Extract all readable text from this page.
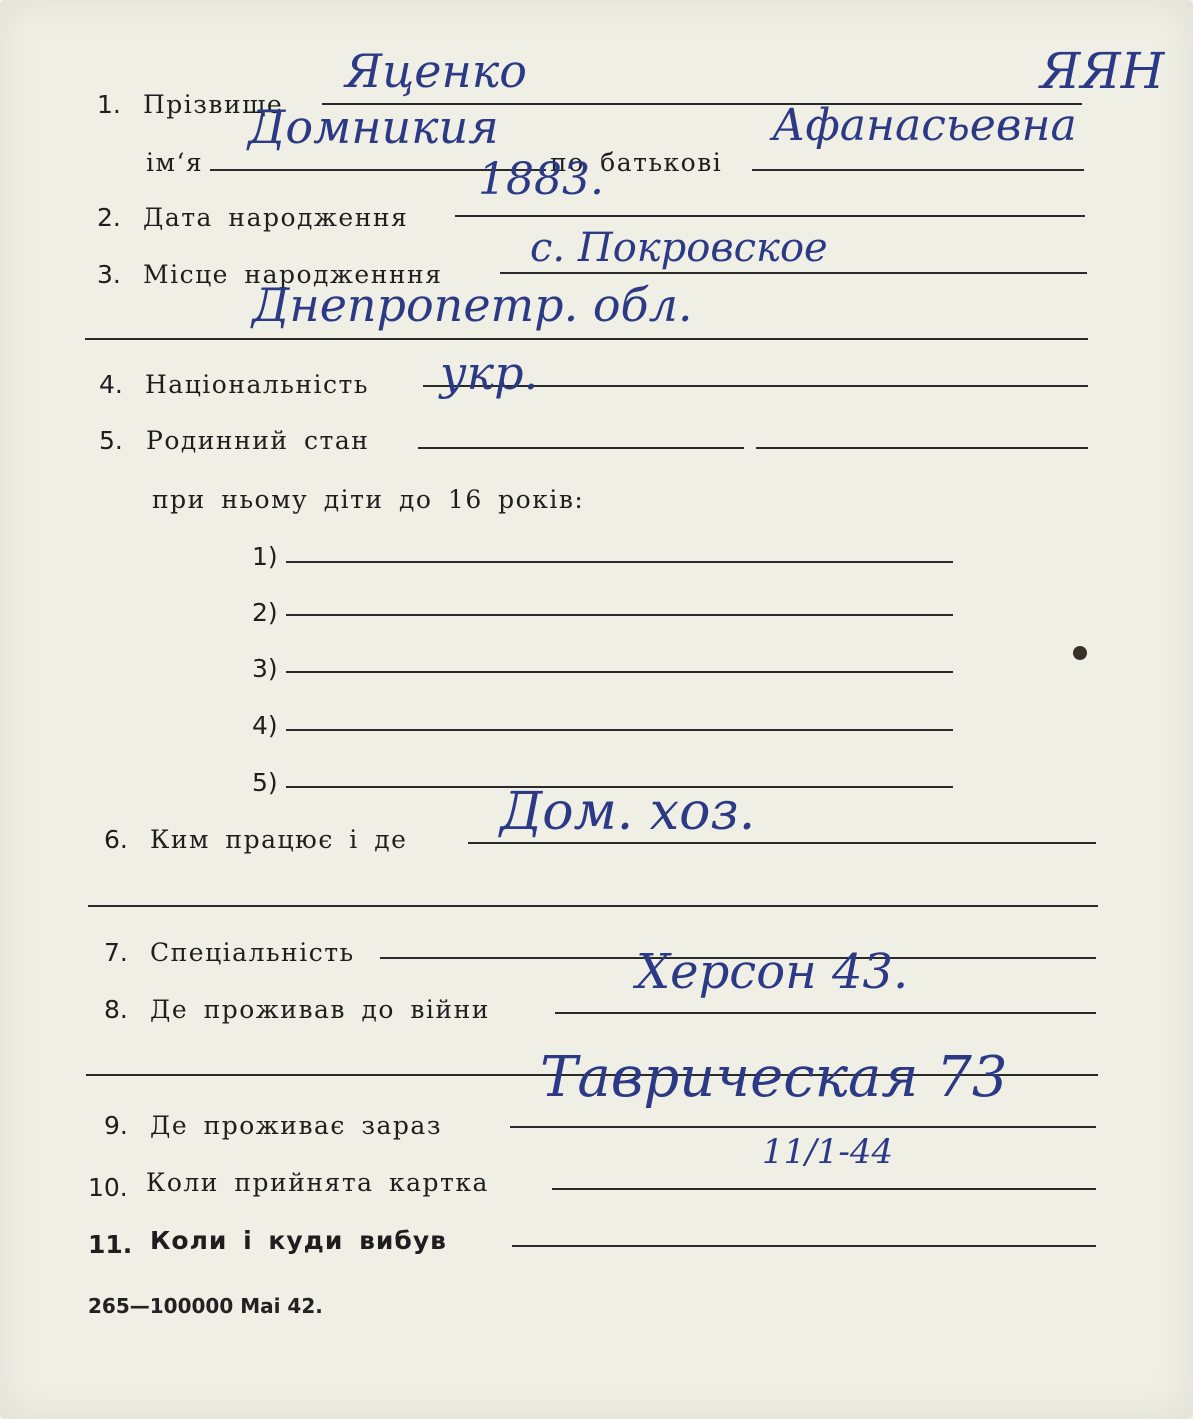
ЯЯН
1. Прізвище
Яценко
ім‘я
Домникия
по батькові
Афанасьевна
2. Дата народження
1883.
3. Місце народженння
с. Покровское
Днепропетр. обл.
4. Національність укр.
5. Родинний стан
при ньому діти до 16 років:
1)
2)
3)
4)
5)
6. Ким працює і де Дом. хоз.
7. Спеціальність
8. Де проживав до війни
Херсон 43.
9. Де проживає зараз
Таврическая 73
10. Коли прийнята картка
11/1-44
11. Коли і куди вибув
265—100000 Mai 42.
